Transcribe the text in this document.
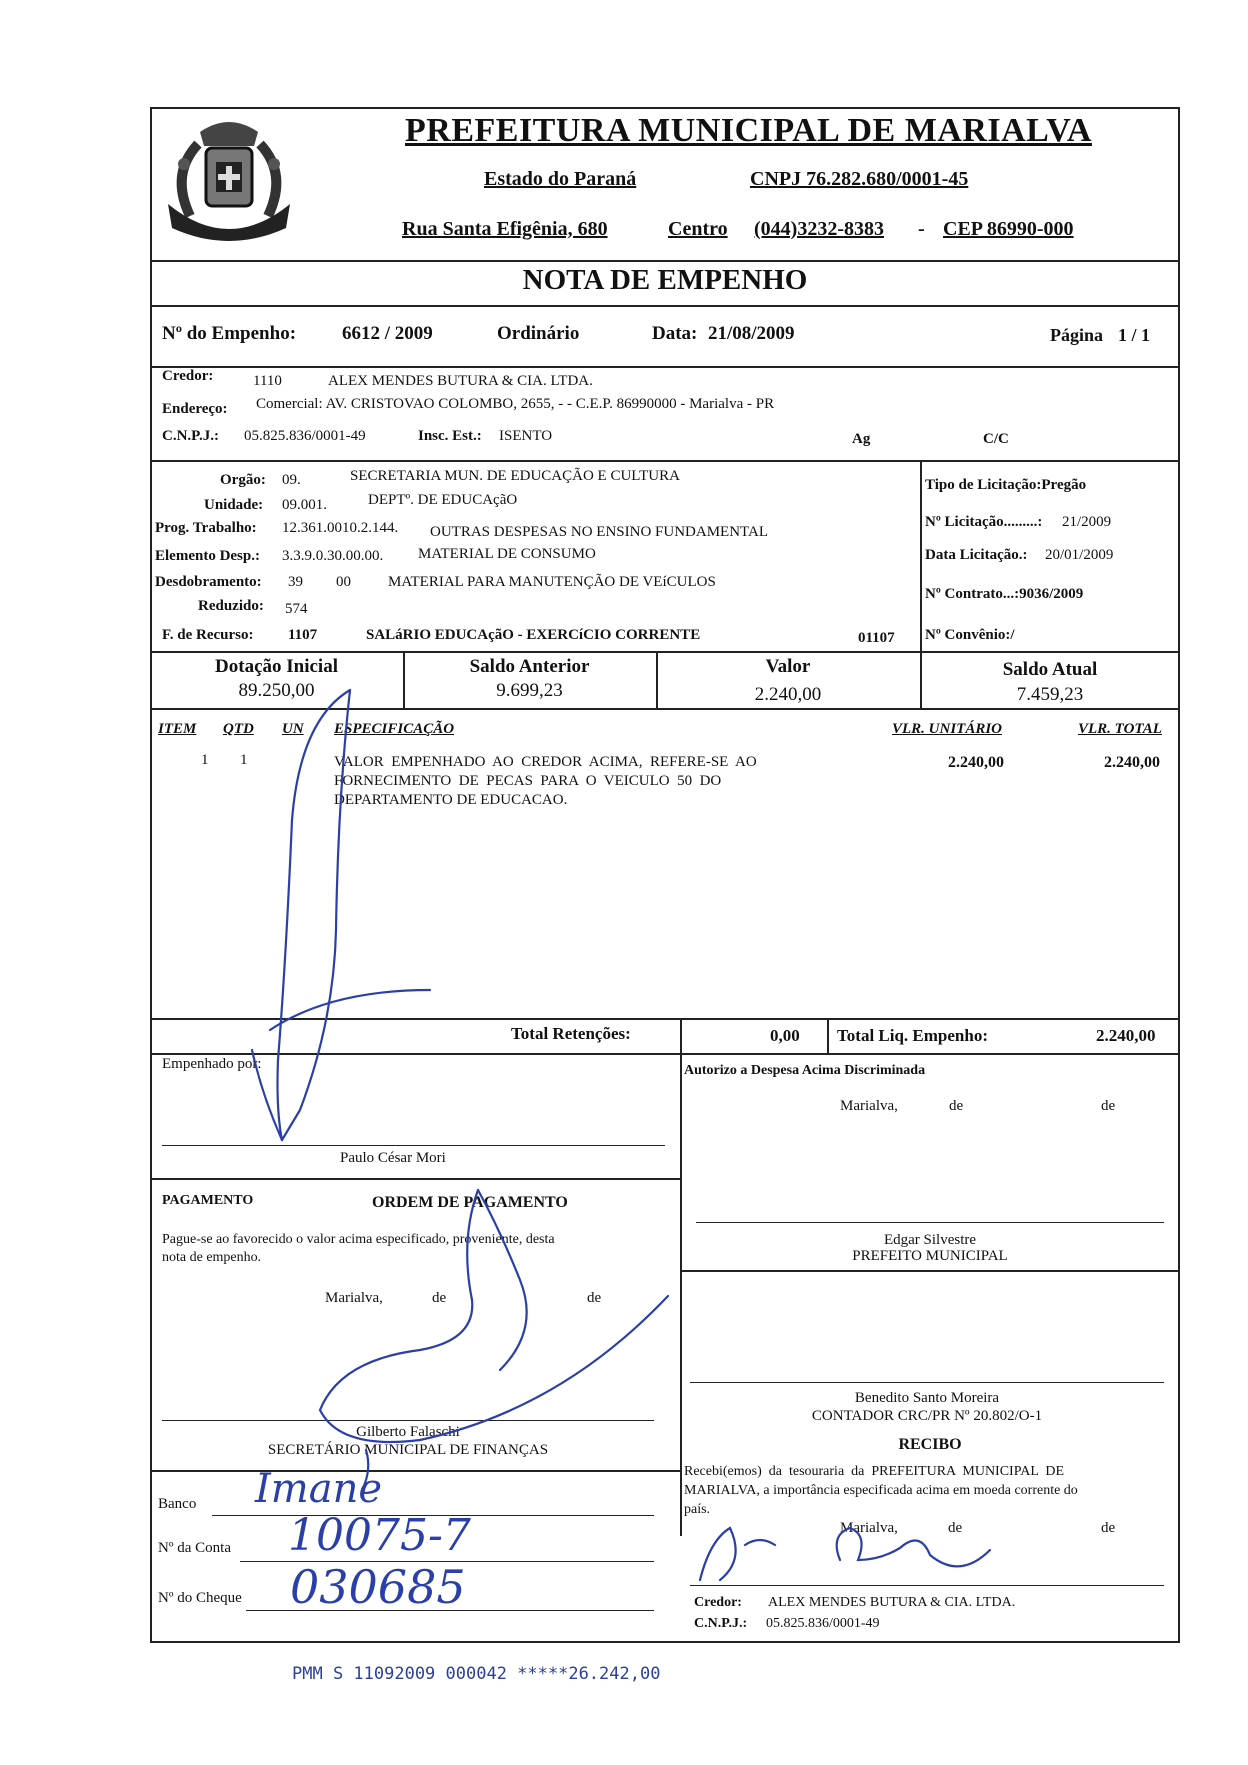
PREFEITURA MUNICIPAL DE MARIALVA
Estado do Paraná	CNPJ 76.282.680/0001-45
Rua Santa Efigênia, 680	Centro (044)3232-8383 - CEP 86990-000
NOTA DE EMPENHO
Nº do Empenho: 6612 / 2009	Ordinário	Data: 21/08/2009	Página 1 / 1
Credor:	1110	ALEX MENDES BUTURA & CIA. LTDA.
Endereço: Comercial: AV. CRISTOVAO COLOMBO, 2655, - - C.E.P. 86990000 - Marialva - PR
C.N.P.J.: 05.825.836/0001-49	Insc. Est.: ISENTO	Ag	C/C
Orgão: 09.	SECRETARIA MUN. DE EDUCAÇÃO E CULTURA
Unidade: 09.001.	DEPTº. DE EDUCAçãO
Prog. Trabalho: 12.361.0010.2.144. OUTRAS DESPESAS NO ENSINO FUNDAMENTAL
Elemento Desp.: 3.3.9.0.30.00.00. MATERIAL DE CONSUMO
Desdobramento: 39 00 MATERIAL PARA MANUTENÇÃO DE VEíCULOS
Reduzido: 574
F. de Recurso: 1107	SALáRIO EDUCAçãO - EXERCíCIO CORRENTE	01107
Tipo de Licitação:Pregão
Nº Licitação.........: 21/2009
Data Licitação.: 20/01/2009
Nº Contrato...:9036/2009
Nº Convênio:/
Dotação Inicial
89.250,00
Saldo Anterior
9.699,23
Valor
2.240,00
Saldo Atual
7.459,23
ITEM QTD UN ESPECIFICAÇÃO	VLR. UNITÁRIO	VLR. TOTAL
1 1	VALOR  EMPENHADO  AO  CREDOR  ACIMA,  REFERE-SE  AO
FORNECIMENTO  DE  PECAS  PARA  O  VEICULO  50  DO
DEPARTAMENTO DE EDUCACAO.
2.240,00	2.240,00
Total Retenções:	0,00 Total Liq. Empenho:	2.240,00
Empenhado por:
Paulo César Mori
Autorizo a Despesa Acima Discriminada
Marialva,	de	de
Edgar Silvestre
PREFEITO MUNICIPAL
Benedito Santo Moreira
CONTADOR CRC/PR Nº 20.802/O-1
PAGAMENTO	ORDEM DE PAGAMENTO
Pague-se ao favorecido o valor acima especificado, proveniente, desta
nota de empenho.
Marialva,	de	de
Gilberto Falaschi
SECRETÁRIO MUNICIPAL DE FINANÇAS
Banco Imane
Nº da Conta 10075-7
Nº do Cheque 030685
RECIBO
Recebi(emos)  da  tesouraria  da  PREFEITURA  MUNICIPAL  DE
MARIALVA, a importância especificada acima em moeda corrente do
país.
Marialva,	de	de
Credor: ALEX MENDES BUTURA & CIA. LTDA.
C.N.P.J.: 05.825.836/0001-49
PMM S 11092009 000042 *****26.242,00
